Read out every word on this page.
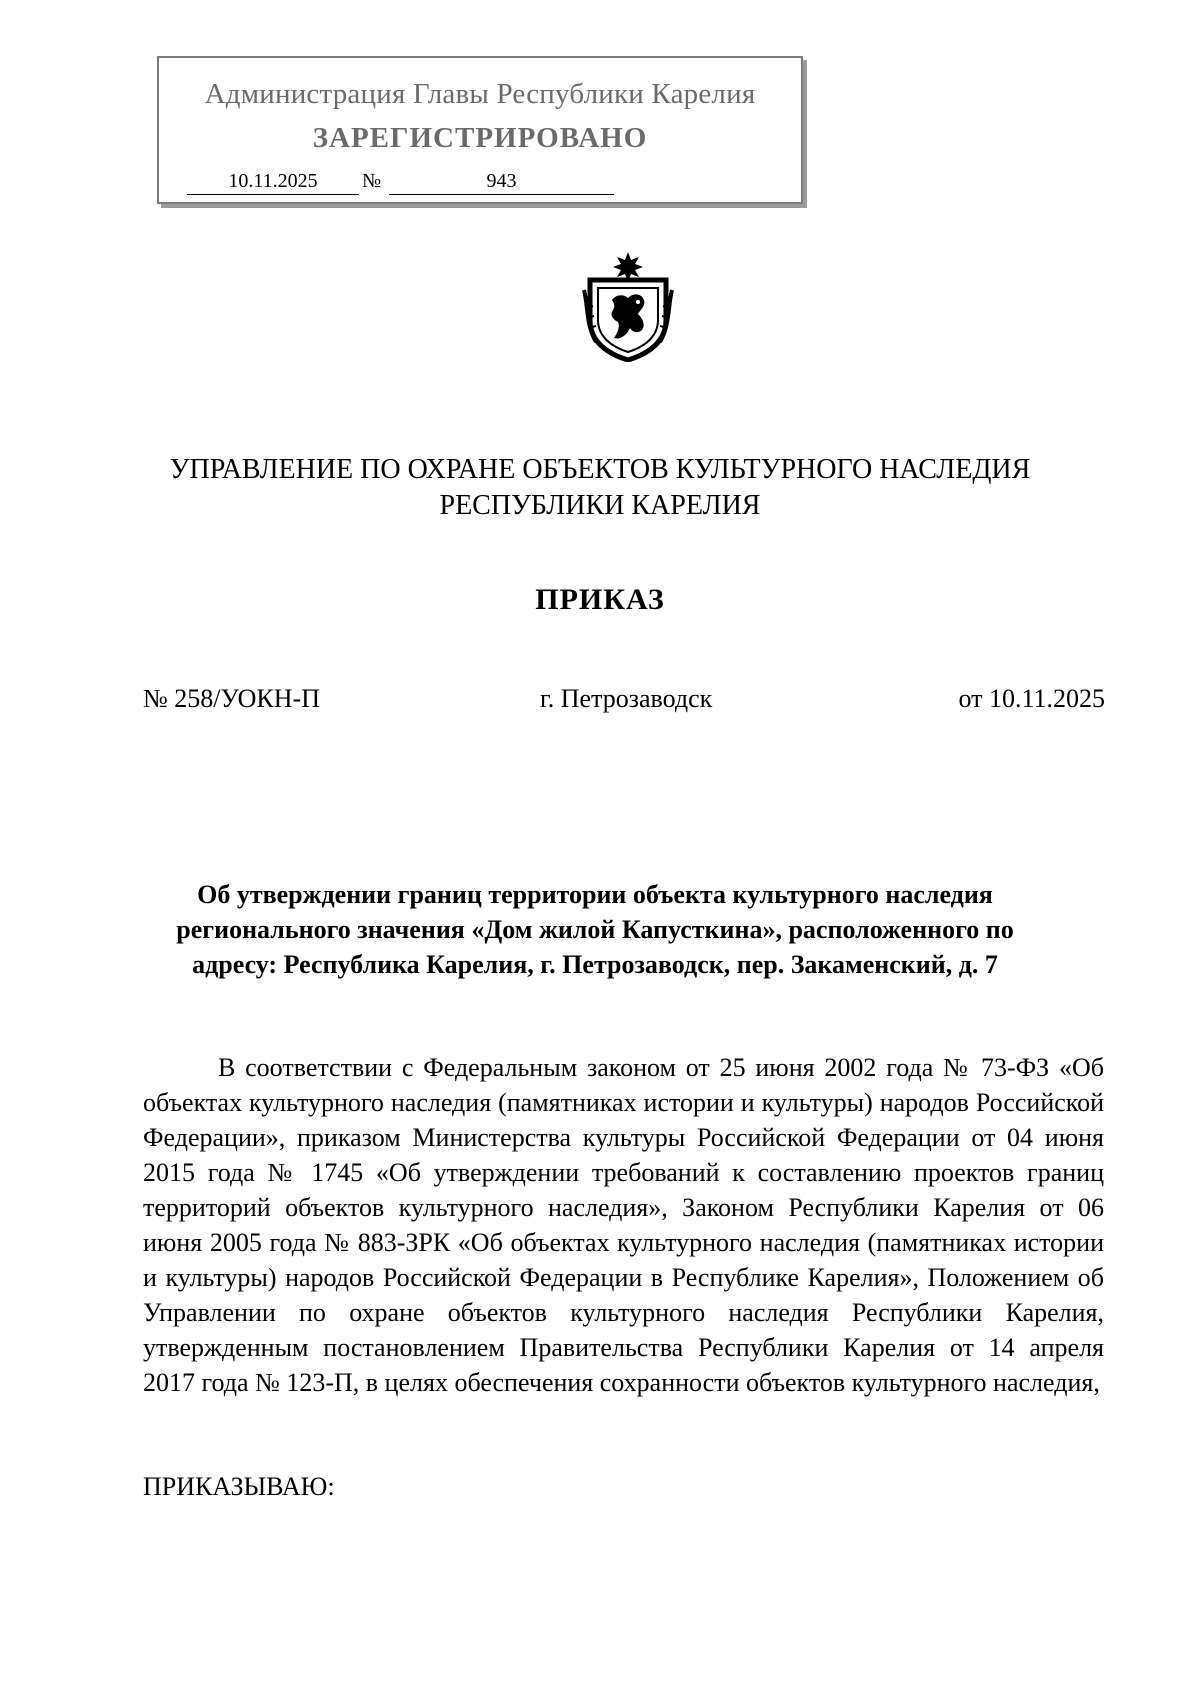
Администрация Главы Республики Карелия
ЗАРЕГИСТРИРОВАНО
10.11.2025	№	943
УПРАВЛЕНИЕ ПО ОХРАНЕ ОБЪЕКТОВ КУЛЬТУРНОГО НАСЛЕДИЯ
РЕСПУБЛИКИ КАРЕЛИЯ
ПРИКАЗ
№ 258/УОКН-П	г. Петрозаводск	от 10.11.2025
Об утверждении границ территории объекта культурного наследия
регионального значения «Дом жилой Капусткина», расположенного по
адресу: Республика Карелия, г. Петрозаводск, пер. Закаменский, д. 7

В соответствии с Федеральным законом от 25 июня 2002 года № 73-ФЗ «Об объектах культурного наследия (памятниках истории и культуры) народов Российской Федерации», приказом Министерства культуры Российской Федерации от 04 июня 2015 года № 1745 «Об утверждении требований к составлению проектов границ территорий объектов культурного наследия», Законом Республики Карелия от 06 июня 2005 года № 883-ЗРК «Об объектах культурного наследия (памятниках истории и культуры) народов Российской Федерации в Республике Карелия», Положением об Управлении по охране объектов культурного наследия Республики Карелия, утвержденным постановлением Правительства Республики Карелия от 14 апреля 2017 года № 123-П, в целях обеспечения сохранности объектов культурного наследия,

ПРИКАЗЫВАЮ:
